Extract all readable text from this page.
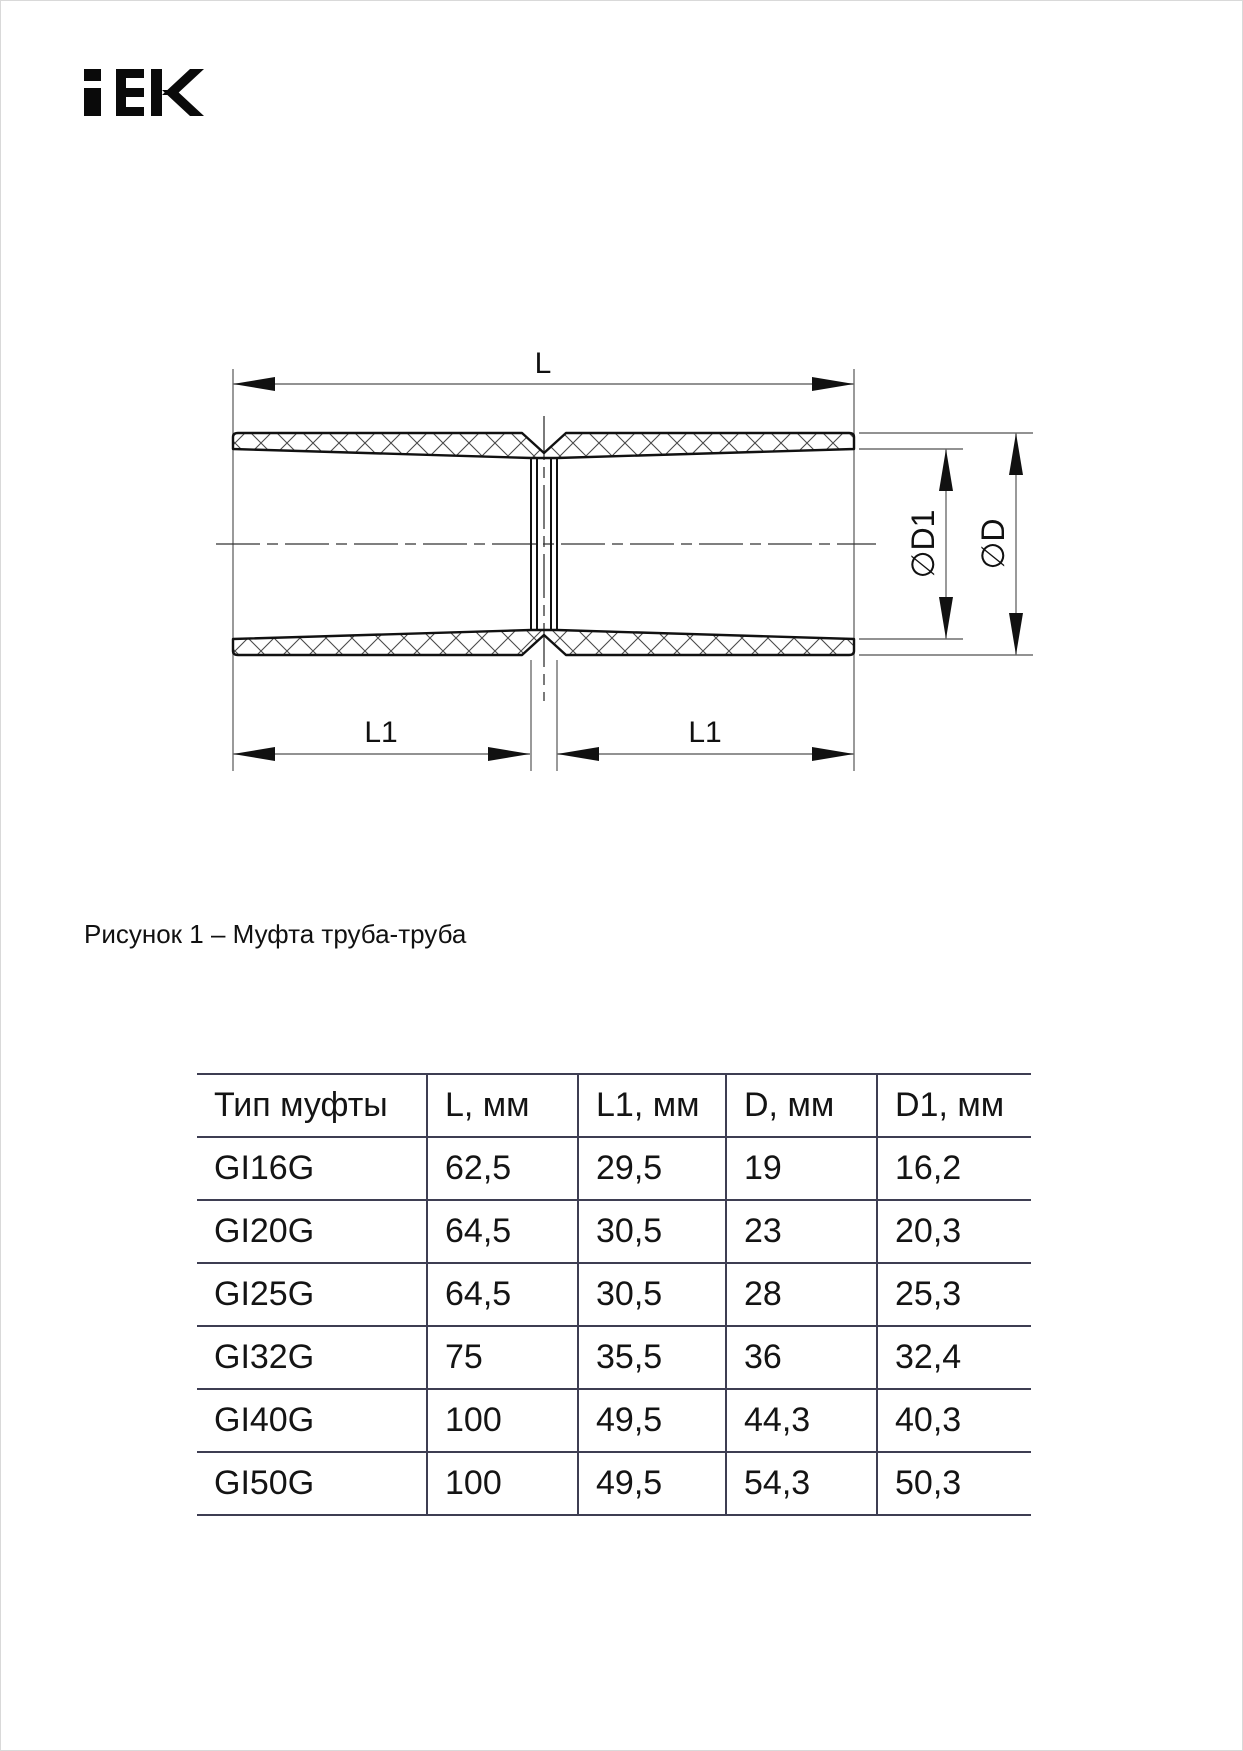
L
L1	L1
∅D1 ∅D
Рисунок 1 – Муфта труба-труба
Тип муфты	L, мм	L1, мм	D, мм	D1, мм
GI16G	62,5	29,5	19	16,2
GI20G	64,5	30,5	23	20,3
GI25G	64,5	30,5	28	25,3
GI32G	75	35,5	36	32,4
GI40G	100	49,5	44,3	40,3
GI50G	100	49,5	54,3	50,3
